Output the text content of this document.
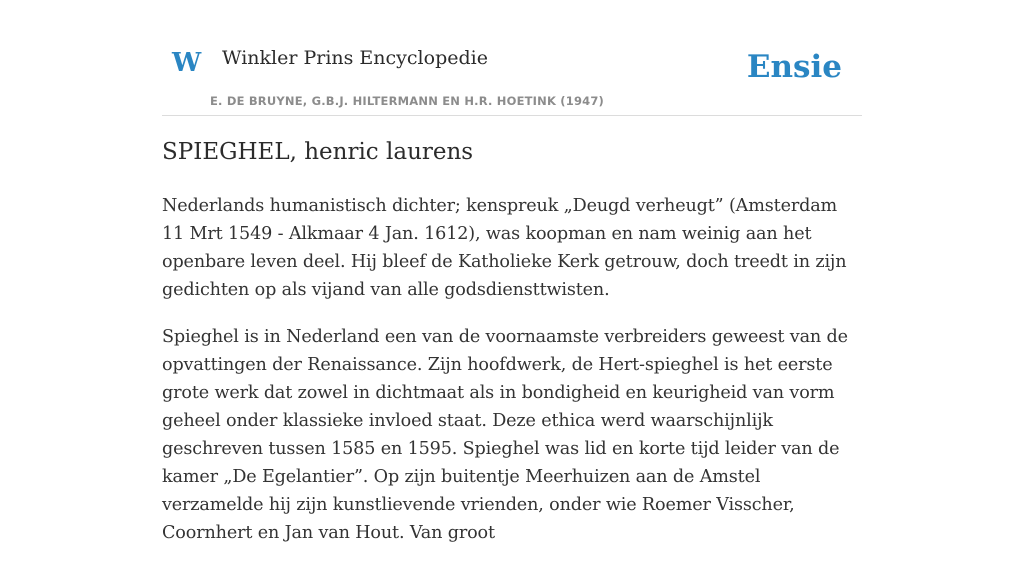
W Winkler Prins Encyclopedie
E. DE BRUYNE, G.B.J. HILTERMANN EN H.R. HOETINK (1947)
Ensie
SPIEGHEL, henric laurens

Nederlands humanistisch dichter; kenspreuk „Deugd verheugt” (Amsterdam 11 Mrt 1549 - Alkmaar 4 Jan. 1612), was koopman en nam weinig aan het openbare leven deel. Hij bleef de Katholieke Kerk getrouw, doch treedt in zijn gedichten op als vijand van alle godsdiensttwisten.

Spieghel is in Nederland een van de voornaamste verbreiders geweest van de opvattingen der Renaissance. Zijn hoofdwerk, de Hert-spieghel is het eerste grote werk dat zowel in dichtmaat als in bondigheid en keurigheid van vorm geheel onder klassieke invloed staat. Deze ethica werd waarschijnlijk geschreven tussen 1585 en 1595. Spieghel was lid en korte tijd leider van de kamer „De Egelantier”. Op zijn buitentje Meerhuizen aan de Amstel verzamelde hij zijn kunstlievende vrienden, onder wie Roemer Visscher, Coornhert en Jan van Hout. Van groot
